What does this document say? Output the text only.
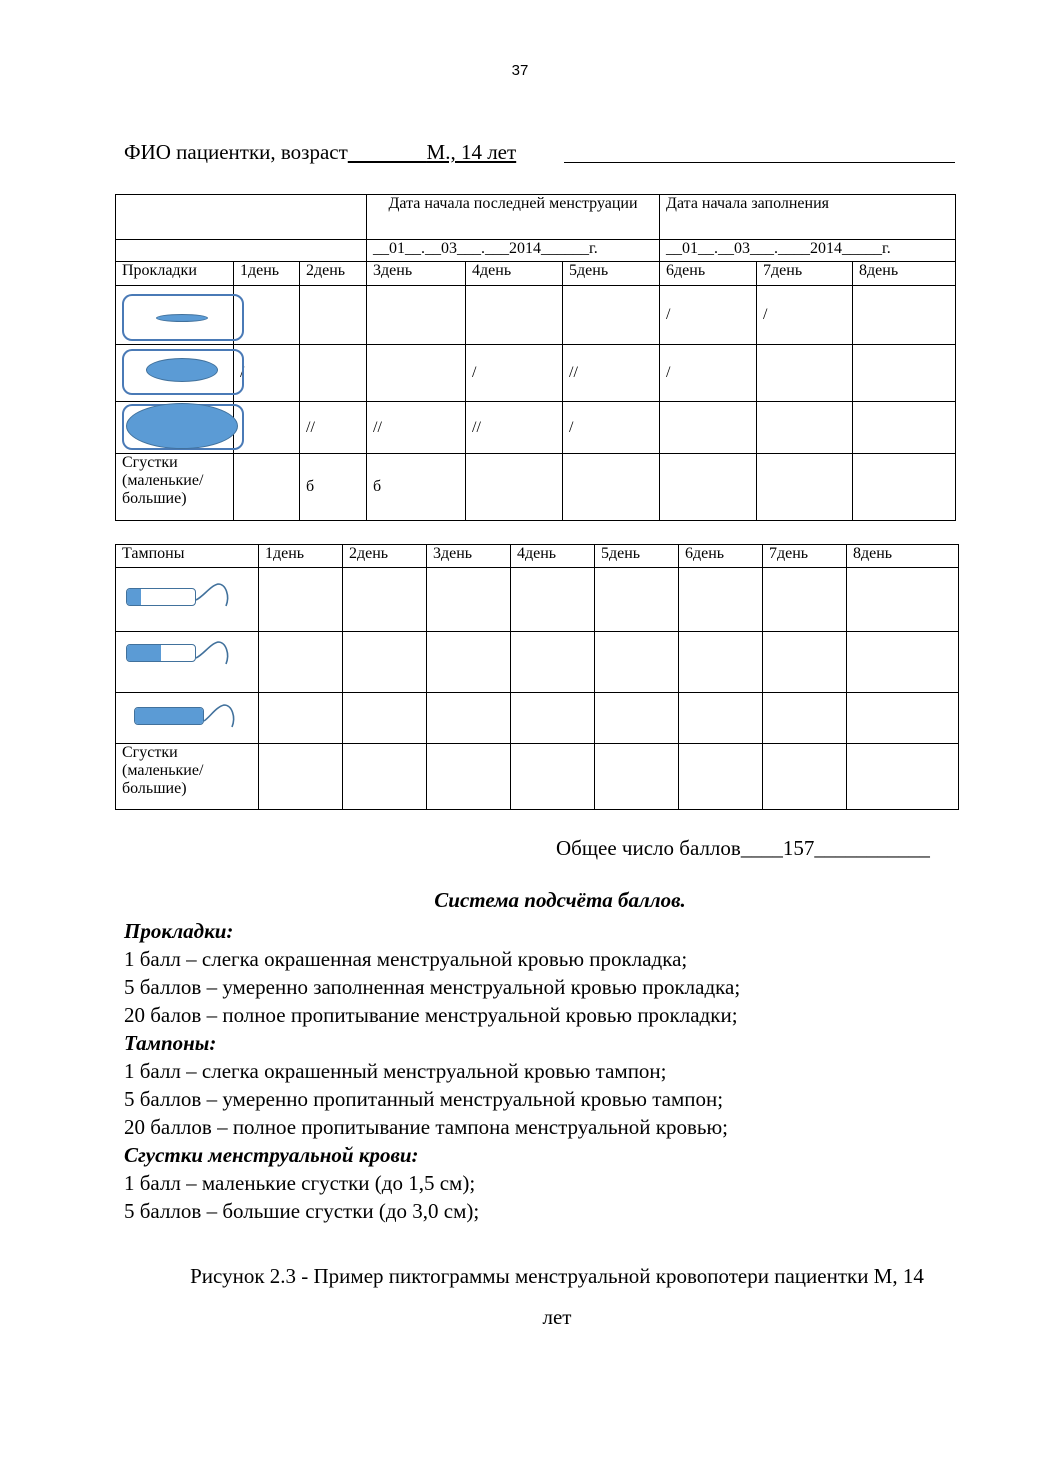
37
ФИО пациентки, возраст	М., 14 лет
			Дата начала последней менструации			Дата начала заполнения		
			__01__.__03___.___2014______г.			__01__.__03___.____2014_____г.		
Прокладки	1день	2день	3день	4день	5день	6день	7день	8день

						/	/	

	/			/	//	/		

		//	//	//	/			
Сгустки
(маленькие/
большие)		б	б					
Тампоны	1день	2день	3день	4день	5день	6день	7день	8день

Сгустки
(маленькие/
большие)								
Общее число баллов____157___________
Система подсчёта баллов.
Прокладки:
1 балл – слегка окрашенная менструальной кровью прокладка;
5 баллов – умеренно заполненная менструальной кровью прокладка;
20 балов – полное пропитывание менструальной кровью прокладки;
Тампоны:
1 балл – слегка окрашенный менструальной кровью тампон;
5 баллов – умеренно пропитанный менструальной кровью тампон;
20 баллов – полное пропитывание тампона менструальной кровью;
Сгустки менструальной крови:
1 балл – маленькие сгустки (до 1,5 см);
5 баллов – большие сгустки (до 3,0 см);
Рисунок 2.3 - Пример пиктограммы менструальной кровопотери пациентки М, 14
лет
